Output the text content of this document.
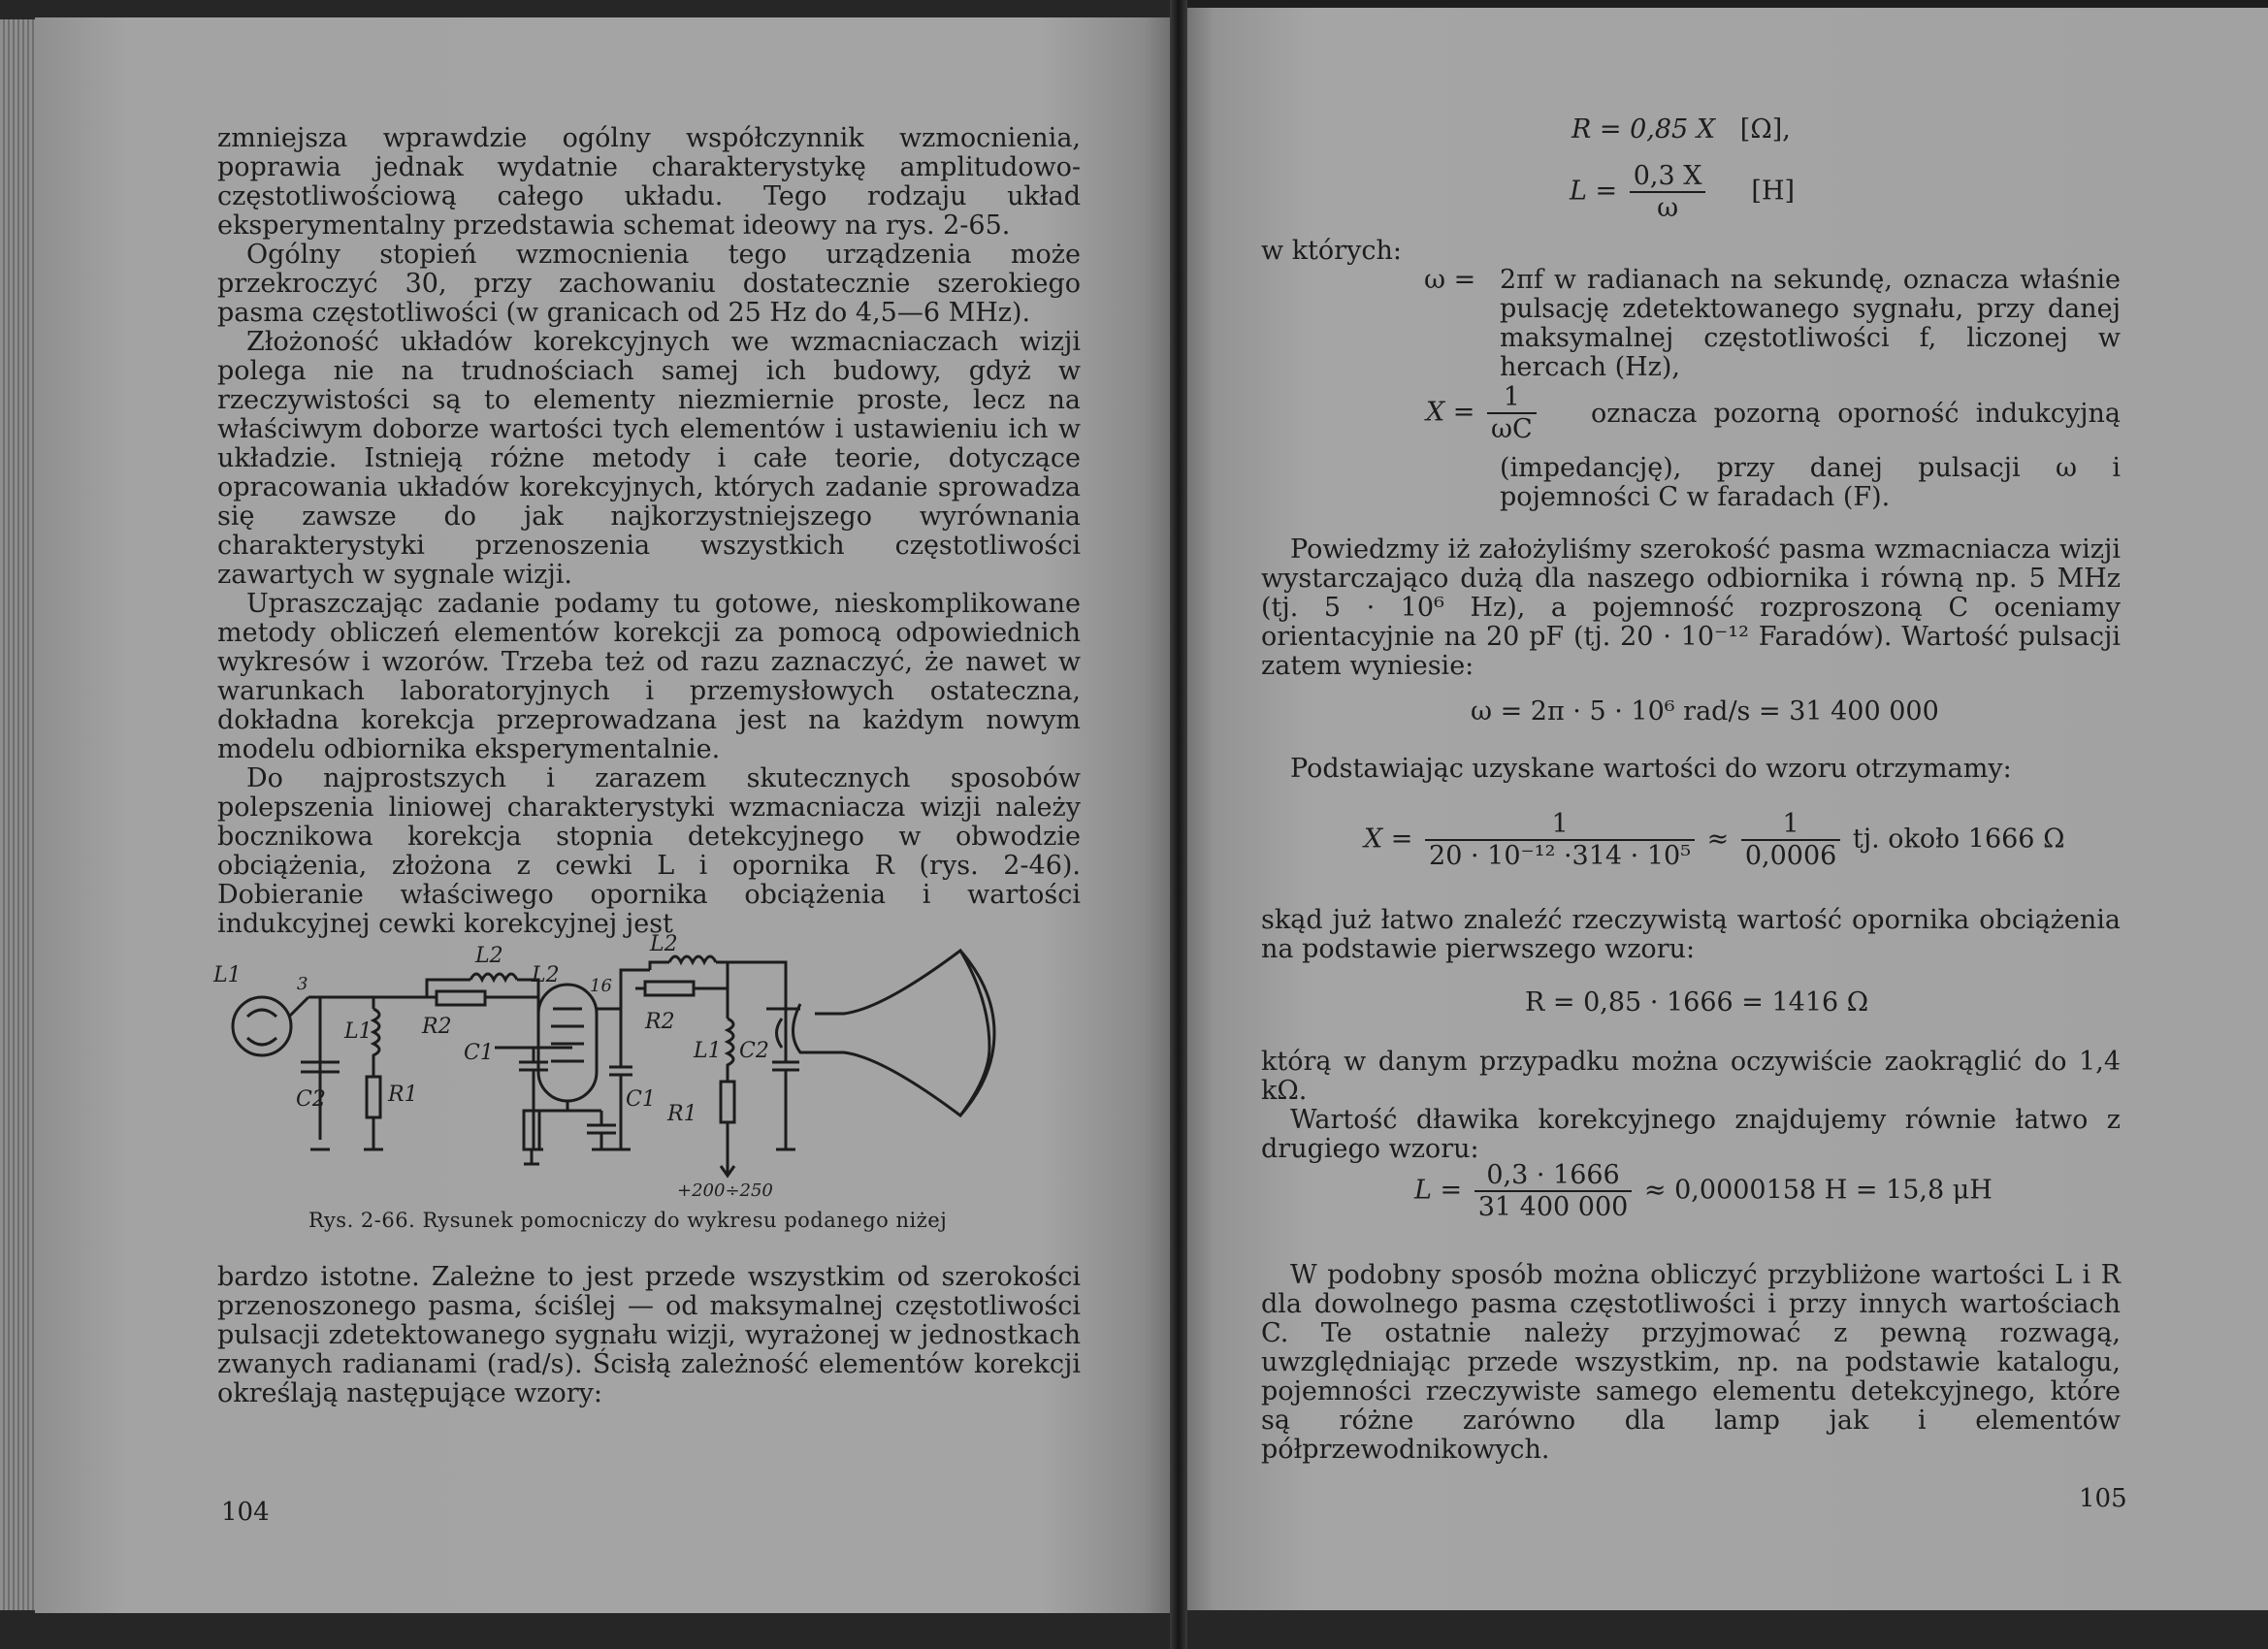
zmniejsza wprawdzie ogólny współczynnik wzmocnienia, poprawia jednak wydatnie charakterystykę amplitudowo-częstotliwościową całego układu. Tego rodzaju układ eksperymentalny przedstawia schemat ideowy na rys. 2-65.

Ogólny stopień wzmocnienia tego urządzenia może przekroczyć 30, przy zachowaniu dostatecznie szerokiego pasma częstotliwości (w granicach od 25 Hz do 4,5—6 MHz).

Złożoność układów korekcyjnych we wzmacniaczach wizji polega nie na trudnościach samej ich budowy, gdyż w rzeczywistości są to elementy niezmiernie proste, lecz na właściwym doborze wartości tych elementów i ustawieniu ich w układzie. Istnieją różne metody i całe teorie, dotyczące opracowania układów korekcyjnych, których zadanie sprowadza się zawsze do jak najkorzystniejszego wyrównania charakterystyki przenoszenia wszystkich częstotliwości zawartych w sygnale wizji.

Upraszczając zadanie podamy tu gotowe, nieskomplikowane metody obliczeń elementów korekcji za pomocą odpowiednich wykresów i wzorów. Trzeba też od razu zaznaczyć, że nawet w warunkach laboratoryjnych i przemysłowych ostateczna, dokładna korekcja przeprowadzana jest na każdym nowym modelu odbiornika eksperymentalnie.

Do najprostszych i zarazem skutecznych sposobów polepszenia liniowej charakterystyki wzmacniacza wizji należy bocznikowa korekcja stopnia detekcyjnego w obwodzie obciążenia, złożona z cewki L i opornika R (rys. 2-46). Dobieranie właściwego opornika obciążenia i wartości indukcyjnej cewki korekcyjnej jest

L1	3
L1
L2
R2
C2	R1
C1
L2 16
L2
R2
L1
C1
R1
C2
+200÷250
Rys. 2-66. Rysunek pomocniczy do wykresu podanego niżej

bardzo istotne. Zależne to jest przede wszystkim od szerokości przenoszonego pasma, ściślej — od maksymalnej częstotliwości pulsacji zdetektowanego sygnału wizji, wyrażonej w jednostkach zwanych radianami (rad/s). Ścisłą zależność elementów korekcji określają następujące wzory:

104
R = 0,85 X [Ω],
$L = \frac{0,3 X}{\omega} [H]$
w których:
ω = 2πf w radianach na sekundę, oznacza właśnie pulsację zdetektowanego sygnału, przy danej maksymalnej częstotliwości f, liczonej w hercach (Hz),

$X = \frac{1}{\omega C}$ oznacza pozorną oporność indukcyjną

(impedancję), przy danej pulsacji ω i pojemności C w faradach (F).

Powiedzmy iż założyliśmy szerokość pasma wzmacniacza wizji wystarczająco dużą dla naszego odbiornika i równą np. 5 MHz (tj. 5 · 10⁶ Hz), a pojemność rozproszoną C oceniamy orientacyjnie na 20 pF (tj. 20 · 10⁻¹² Faradów). Wartość pulsacji zatem wyniesie:

ω = 2π · 5 · 10⁶ rad/s = 31 400 000

Podstawiając uzyskane wartości do wzoru otrzymamy:

$X = \frac{1}{\text{20 · 10⁻¹² ·314 · 10⁵}} \approx \frac{1}{0,0006}$ tj. około 1666 Ω

skąd już łatwo znaleźć rzeczywistą wartość opornika obciążenia na podstawie pierwszego wzoru:

R = 0,85 · 1666 = 1416 Ω

którą w danym przypadku można oczywiście zaokrąglić do 1,4 kΩ.

Wartość dławika korekcyjnego znajdujemy równie łatwo z drugiego wzoru:

$L = \frac{0,3 \cdot 1666}{31 400 000} \approx 0,0000158$ H = 15,8 μH

W podobny sposób można obliczyć przybliżone wartości L i R dla dowolnego pasma częstotliwości i przy innych wartościach C. Te ostatnie należy przyjmować z pewną rozwagą, uwzględniając przede wszystkim, np. na podstawie katalogu, pojemności rzeczywiste samego elementu detekcyjnego, które są różne zarówno dla lamp jak i elementów półprzewodnikowych.

105
